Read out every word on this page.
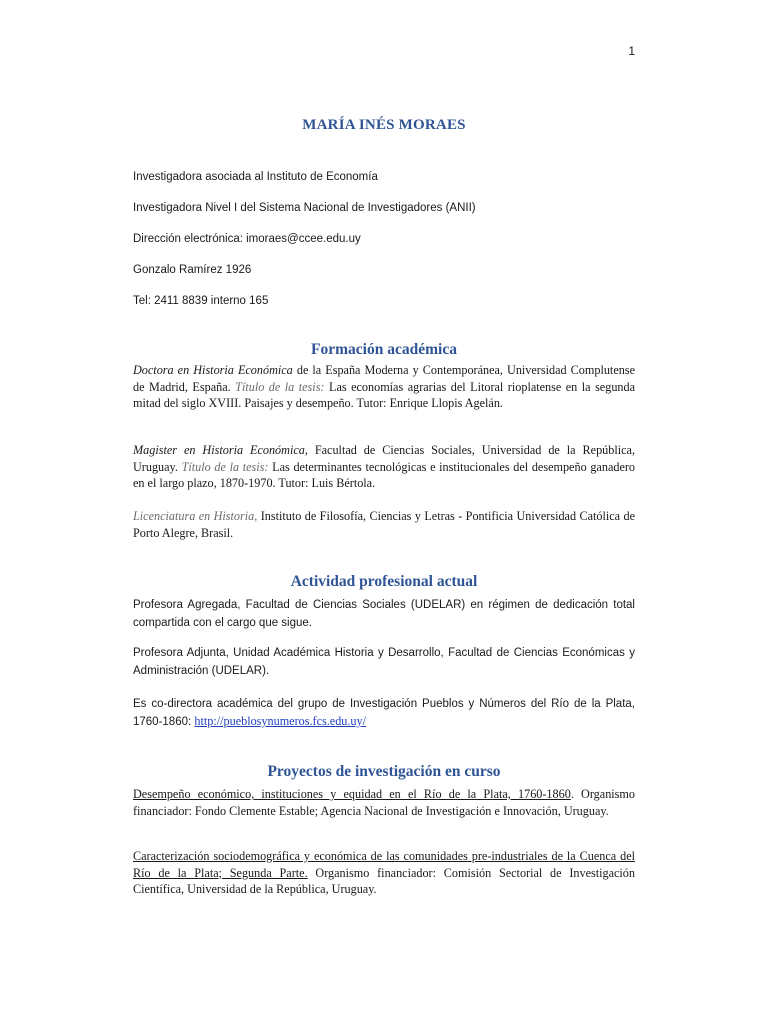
1
MARÍA INÉS MORAES
Investigadora asociada al Instituto de Economía
Investigadora Nivel I del Sistema Nacional de Investigadores (ANII)
Dirección electrónica: imoraes@ccee.edu.uy
Gonzalo Ramírez 1926
Tel: 2411 8839 interno 165
Formación académica

Doctora en Historia Económica de la España Moderna y Contemporánea, Universidad Complutense de Madrid, España. Título de la tesis: Las economías agrarias del Litoral rioplatense en la segunda mitad del siglo XVIII. Paisajes y desempeño. Tutor: Enrique Llopis Agelán.

Magister en Historia Económica, Facultad de Ciencias Sociales, Universidad de la República, Uruguay. Título de la tesis: Las determinantes tecnológicas e institucionales del desempeño ganadero en el largo plazo, 1870-1970. Tutor: Luis Bértola.

Licenciatura en Historia, Instituto de Filosofía, Ciencias y Letras - Pontificia Universidad Católica de Porto Alegre, Brasil.

Actividad profesional actual

Profesora Agregada, Facultad de Ciencias Sociales (UDELAR) en régimen de dedicación total compartida con el cargo que sigue.

Profesora Adjunta, Unidad Académica Historia y Desarrollo, Facultad de Ciencias Económicas y Administración (UDELAR).

Es co-directora académica del grupo de Investigación Pueblos y Números del Río de la Plata, 1760-1860: http://pueblosynumeros.fcs.edu.uy/

Proyectos de investigación en curso

Desempeño económico, instituciones y equidad en el Río de la Plata, 1760-1860. Organismo financiador: Fondo Clemente Estable; Agencia Nacional de Investigación e Innovación, Uruguay.

Caracterización sociodemográfica y económica de las comunidades pre-industriales de la Cuenca del Río de la Plata; Segunda Parte. Organismo financiador: Comisión Sectorial de Investigación Científica, Universidad de la República, Uruguay.
